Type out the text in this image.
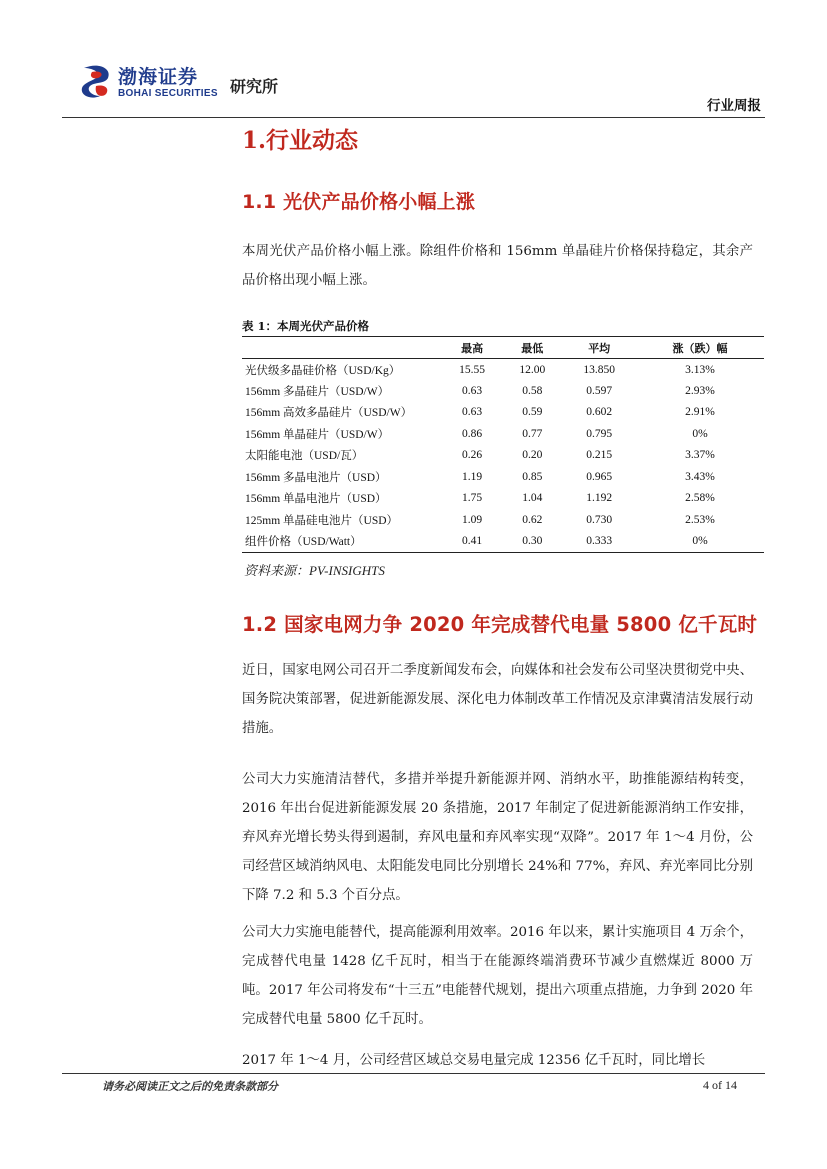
渤海证券
BOHAI SECURITIES 研究所
行业周报
1.行业动态
1.1 光伏产品价格小幅上涨

本周光伏产品价格小幅上涨。除组件价格和 156mm 单晶硅片价格保持稳定，其余产品价格出现小幅上涨。

表 1：本周光伏产品价格
	最高	最低	平均	涨（跌）幅
光伏级多晶硅价格（USD/Kg）	15.55	12.00	13.850	3.13%
156mm 多晶硅片（USD/W）	0.63	0.58	0.597	2.93%
156mm 高效多晶硅片（USD/W）	0.63	0.59	0.602	2.91%
156mm 单晶硅片（USD/W）	0.86	0.77	0.795	0%
太阳能电池（USD/瓦）	0.26	0.20	0.215	3.37%
156mm 多晶电池片（USD）	1.19	0.85	0.965	3.43%
156mm 单晶电池片（USD）	1.75	1.04	1.192	2.58%
125mm 单晶硅电池片（USD）	1.09	0.62	0.730	2.53%
组件价格（USD/Watt）	0.41	0.30	0.333	0%
资料来源：PV-INSIGHTS
1.2 国家电网力争 2020 年完成替代电量 5800 亿千瓦时

近日，国家电网公司召开二季度新闻发布会，向媒体和社会发布公司坚决贯彻党中央、国务院决策部署，促进新能源发展、深化电力体制改革工作情况及京津冀清洁发展行动措施。

公司大力实施清洁替代，多措并举提升新能源并网、消纳水平，助推能源结构转变，2016 年出台促进新能源发展 20 条措施，2017 年制定了促进新能源消纳工作安排，弃风弃光增长势头得到遏制，弃风电量和弃风率实现“双降”。2017 年 1～4 月份，公司经营区域消纳风电、太阳能发电同比分别增长 24%和 77%，弃风、弃光率同比分别下降 7.2 和 5.3 个百分点。

公司大力实施电能替代，提高能源利用效率。2016 年以来，累计实施项目 4 万余个，完成替代电量 1428 亿千瓦时，相当于在能源终端消费环节减少直燃煤近 8000 万吨。2017 年公司将发布“十三五”电能替代规划，提出六项重点措施，力争到 2020 年完成替代电量 5800 亿千瓦时。

2017 年 1～4 月，公司经营区域总交易电量完成 12356 亿千瓦时，同比增长

请务必阅读正文之后的免责条款部分	4 of 14
